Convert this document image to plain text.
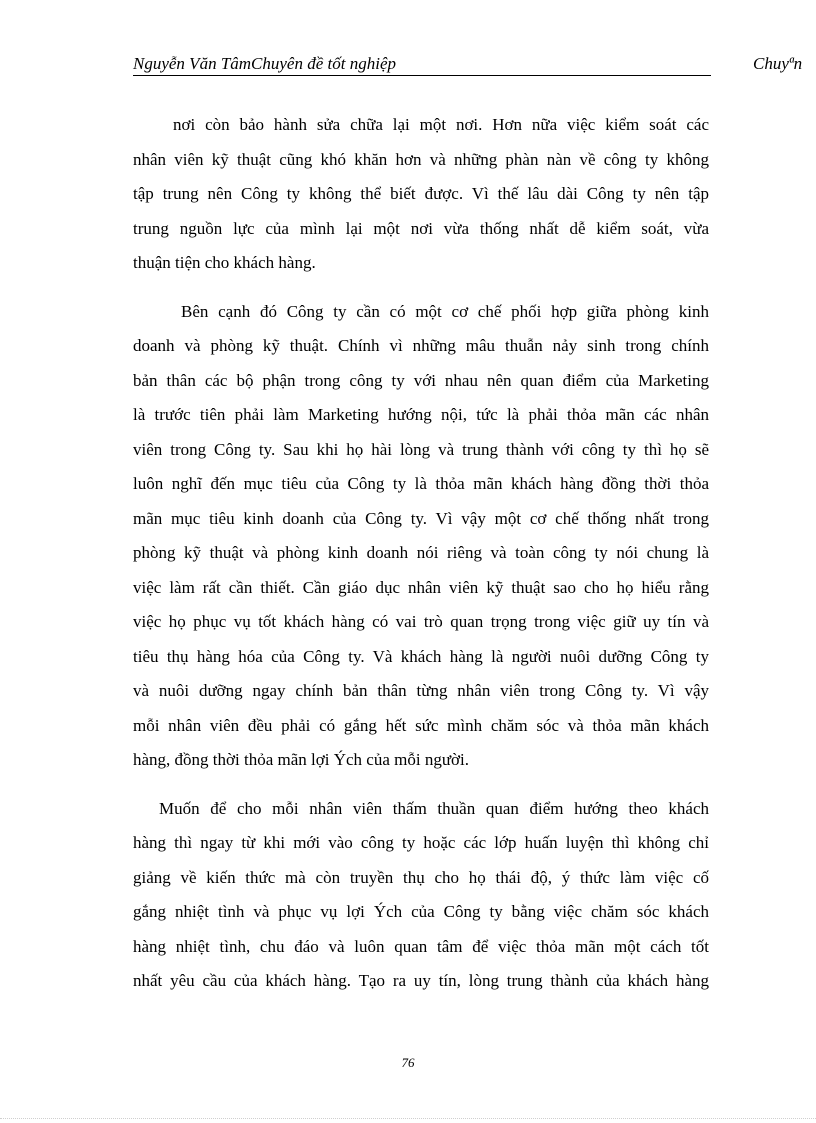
Nguyễn Văn TâmChuyên đề tốt nghiệp	Chuyªn
nơi còn bảo hành sửa chữa lại một nơi. Hơn nữa việc kiểm soát các
nhân viên kỹ thuật cũng khó khăn hơn và những phàn nàn về công ty không
tập trung nên Công ty không thể biết được. Vì thế lâu dài Công ty nên tập
trung nguồn lực của mình lại một nơi vừa thống nhất dễ kiểm soát, vừa
thuận tiện cho khách hàng.
Bên cạnh đó Công ty cần có một cơ chế phối hợp giữa phòng kinh
doanh và phòng kỹ thuật. Chính vì những mâu thuẫn nảy sinh trong chính
bản thân các bộ phận trong công ty với nhau nên quan điểm của Marketing
là trước tiên phải làm Marketing hướng nội, tức là phải thỏa mãn các nhân
viên trong Công ty. Sau khi họ hài lòng và trung thành với công ty thì họ sẽ
luôn nghĩ đến mục tiêu của Công ty là thỏa mãn khách hàng đồng thời thỏa
mãn mục tiêu kinh doanh của Công ty. Vì vậy một cơ chế thống nhất trong
phòng kỹ thuật và phòng kinh doanh nói riêng và toàn công ty nói chung là
việc làm rất cần thiết. Cần giáo dục nhân viên kỹ thuật sao cho họ hiểu rằng
việc họ phục vụ tốt khách hàng có vai trò quan trọng trong việc giữ uy tín và
tiêu thụ hàng hóa của Công ty. Và khách hàng là người nuôi dưỡng Công ty
và nuôi dưỡng ngay chính bản thân từng nhân viên trong Công ty. Vì vậy
mỗi nhân viên đều phải có gắng hết sức mình chăm sóc và thỏa mãn khách
hàng, đồng thời thỏa mãn lợi Ých của mỗi người.
Muốn để cho mỗi nhân viên thấm thuần quan điểm hướng theo khách
hàng thì ngay từ khi mới vào công ty hoặc các lớp huấn luyện thì không chỉ
giảng về kiến thức mà còn truyền thụ cho họ thái độ, ý thức làm việc cố
gắng nhiệt tình và phục vụ lợi Ých của Công ty bằng việc chăm sóc khách
hàng nhiệt tình, chu đáo và luôn quan tâm để việc thỏa mãn một cách tốt
nhất yêu cầu của khách hàng. Tạo ra uy tín, lòng trung thành của khách hàng
76
